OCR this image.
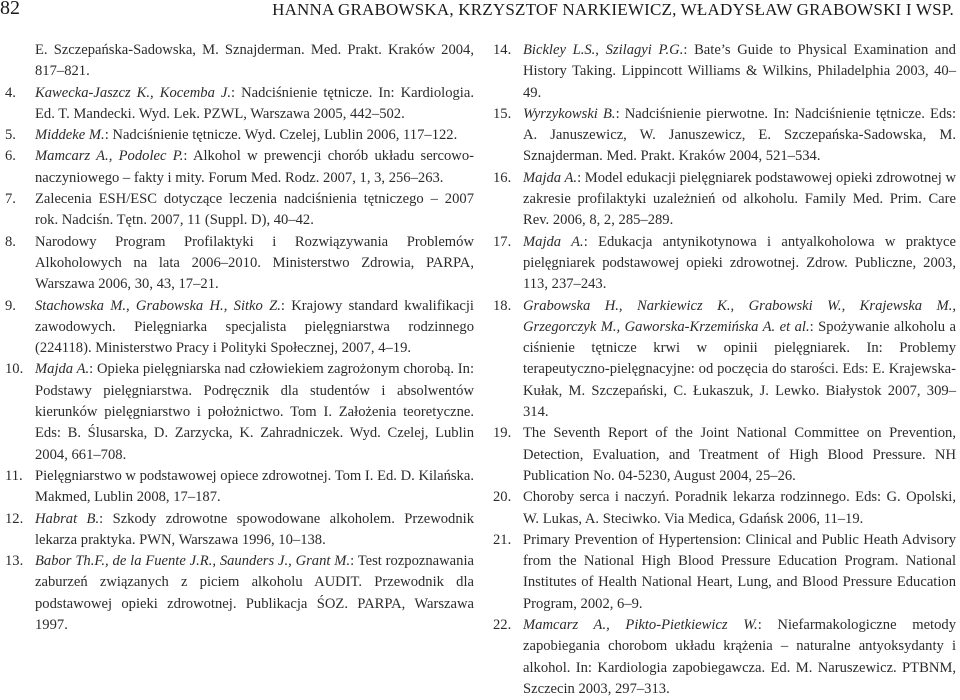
82	HANNA GRABOWSKA, KRZYSZTOF NARKIEWICZ, WŁADYSŁAW GRABOWSKI I WSP.

E. Szczepańska-Sadowska, M. Sznajderman. Med. Prakt. Kraków 2004, 817–821.

4. Kawecka-Jaszcz K., Kocemba J.: Nadciśnienie tętnicze. In: Kardiologia. Ed. T. Mandecki. Wyd. Lek. PZWL, Warszawa 2005, 442–502.

5. Middeke M.: Nadciśnienie tętnicze. Wyd. Czelej, Lublin 2006, 117–122.

6. Mamcarz A., Podolec P.: Alkohol w prewencji chorób układu sercowo-naczyniowego – fakty i mity. Forum Med. Rodz. 2007, 1, 3, 256–263.

7. Zalecenia ESH/ESC dotyczące leczenia nadciśnienia tętniczego – 2007 rok. Nadciśn. Tętn. 2007, 11 (Suppl. D), 40–42.

8. Narodowy Program Profilaktyki i Rozwiązywania Problemów Alkoholowych na lata 2006–2010. Ministerstwo Zdrowia, PARPA, Warszawa 2006, 30, 43, 17–21.

9. Stachowska M., Grabowska H., Sitko Z.: Krajowy standard kwalifikacji zawodowych. Pielęgniarka specjalista pielęgniarstwa rodzinnego (224118). Ministerstwo Pracy i Polityki Społecznej, 2007, 4–19.

10. Majda A.: Opieka pielęgniarska nad człowiekiem zagrożonym chorobą. In: Podstawy pielęgniarstwa. Podręcznik dla studentów i absolwentów kierunków pielęgniarstwo i położnictwo. Tom I. Założenia teoretyczne. Eds: B. Ślusarska, D. Zarzycka, K. Zahradniczek. Wyd. Czelej, Lublin 2004, 661–708.

11. Pielęgniarstwo w podstawowej opiece zdrowotnej. Tom I. Ed. D. Kilańska. Makmed, Lublin 2008, 17–187.

12. Habrat B.: Szkody zdrowotne spowodowane alkoholem. Przewodnik lekarza praktyka. PWN, Warszawa 1996, 10–138.

13. Babor Th.F., de la Fuente J.R., Saunders J., Grant M.: Test rozpoznawania zaburzeń związanych z piciem alkoholu AUDIT. Przewodnik dla podstawowej opieki zdrowotnej. Publikacja ŚOZ. PARPA, Warszawa 1997.

14. Bickley L.S., Szilagyi P.G.: Bate’s Guide to Physical Examination and History Taking. Lippincott Williams & Wilkins, Philadelphia 2003, 40–49.

15. Wyrzykowski B.: Nadciśnienie pierwotne. In: Nadciśnienie tętnicze. Eds: A. Januszewicz, W. Januszewicz, E. Szczepańska-Sadowska, M. Sznajderman. Med. Prakt. Kraków 2004, 521–534.

16. Majda A.: Model edukacji pielęgniarek podstawowej opieki zdrowotnej w zakresie profilaktyki uzależnień od alkoholu. Family Med. Prim. Care Rev. 2006, 8, 2, 285–289.

17. Majda A.: Edukacja antynikotynowa i antyalkoholowa w praktyce pielęgniarek podstawowej opieki zdrowotnej. Zdrow. Publiczne, 2003, 113, 237–243.

18. Grabowska H., Narkiewicz K., Grabowski W., Krajewska M., Grzegorczyk M., Gaworska-Krzemińska A. et al.: Spożywanie alkoholu a ciśnienie tętnicze krwi w opinii pielęgniarek. In: Problemy terapeutyczno-pielęgnacyjne: od poczęcia do starości. Eds: E. Krajewska-Kułak, M. Szczepański, C. Łukaszuk, J. Lewko. Białystok 2007, 309–314.

19. The Seventh Report of the Joint National Committee on Prevention, Detection, Evaluation, and Treatment of High Blood Pressure. NH Publication No. 04-5230, August 2004, 25–26.

20. Choroby serca i naczyń. Poradnik lekarza rodzinnego. Eds: G. Opolski, W. Lukas, A. Steciwko. Via Medica, Gdańsk 2006, 11–19.

21. Primary Prevention of Hypertension: Clinical and Public Heath Advisory from the National High Blood Pressure Education Program. National Institutes of Health National Heart, Lung, and Blood Pressure Education Program, 2002, 6–9.

22. Mamcarz A., Pikto-Pietkiewicz W.: Niefarmakologiczne metody zapobiegania chorobom układu krążenia – naturalne antyoksydanty i alkohol. In: Kardiologia zapobiegawcza. Ed. M. Naruszewicz. PTBNM, Szczecin 2003, 297–313.
